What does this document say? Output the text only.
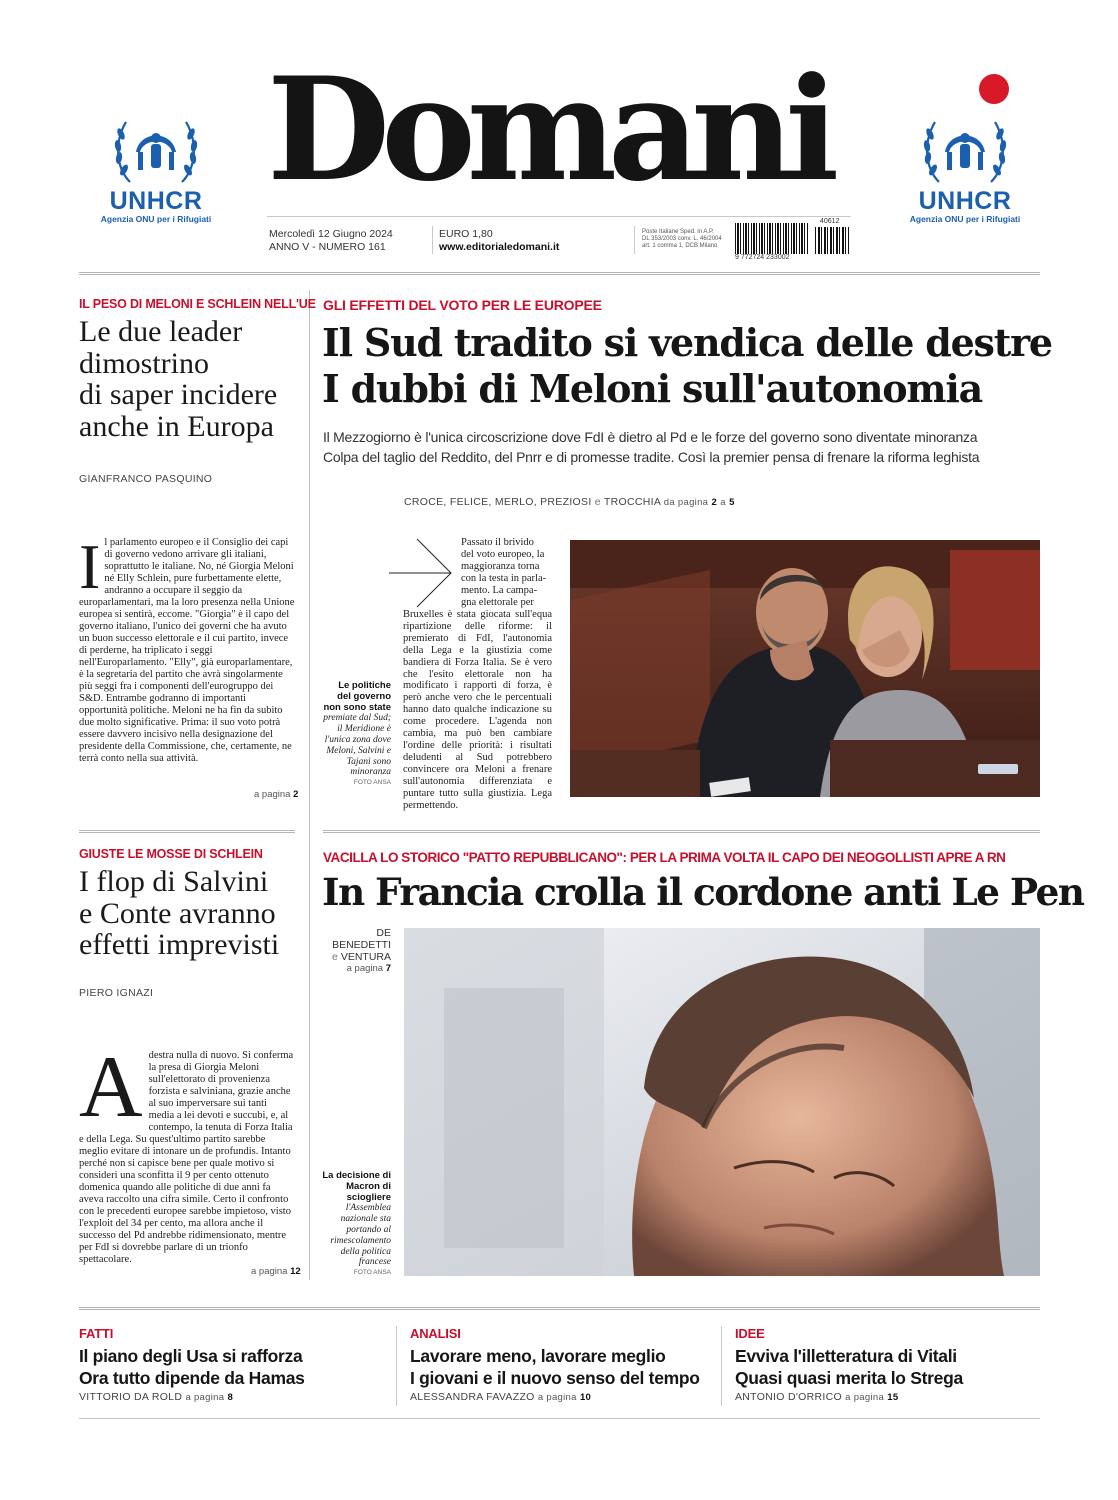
UNHCR
Agenzia ONU per i Rifugiati
UNHCR
Agenzia ONU per i Rifugiati
Domani
Mercoledì 12 Giugno 2024
ANNO V - NUMERO 161
EURO 1,80
www.editorialedomani.it
Poste Italiane Sped. in A.P.
DL 353/2003 conv. L. 46/2004
art. 1 comma 1, DCB Milano
40612
9 772724 233002
IL PESO DI MELONI E SCHLEIN NELL'UE
Le due leader
dimostrino
di saper incidere
anche in Europa
GIANFRANCO PASQUINO
I l parlamento europeo e il Consiglio dei capi di governo vedono arrivare gli italiani, soprattutto le italiane. No, né Giorgia Meloni né Elly Schlein, pure furbettamente elette, andranno a occupare il seggio da europarlamentari, ma la loro presenza nella Unione europea si sentirà, eccome. "Giorgia" è il capo del governo italiano, l'unico dei governi che ha avuto un buon successo elettorale e il cui partito, invece di perderne, ha triplicato i seggi nell'Europarlamento. "Elly", già europarlamentare, è la segretaria del partito che avrà singolarmente più seggi fra i componenti dell'eurogruppo dei S&D. Entrambe godranno di importanti opportunità politiche. Meloni ne ha fin da subito due molto significative. Prima: il suo voto potrà essere davvero incisivo nella designazione del presidente della Commissione, che, certamente, ne terrà conto nella sua attività.
a pagina 2
GLI EFFETTI DEL VOTO PER LE EUROPEE
Il Sud tradito si vendica delle destre
I dubbi di Meloni sull'autonomia
Il Mezzogiorno è l'unica circoscrizione dove FdI è dietro al Pd e le forze del governo sono diventate minoranza
Colpa del taglio del Reddito, del Pnrr e di promesse tradite. Così la premier pensa di frenare la riforma leghista
CROCE, FELICE, MERLO, PREZIOSI e TROCCHIA da pagina 2 a 5
Passato il brivido
del voto europeo, la
maggioranza torna
con la testa in parla-
mento. La campa-
gna elettorale per
Bruxelles è stata giocata sull'equa ripartizione delle riforme: il premierato di FdI, l'autonomia della Lega e la giustizia come bandiera di Forza Italia. Se è vero che l'esito elettorale non ha modificato i rapporti di forza, è però anche vero che le percentuali hanno dato qualche indicazione su come procedere. L'agenda non cambia, ma può ben cambiare l'ordine delle priorità: i risultati deludenti al Sud potrebbero convincere ora Meloni a frenare sull'autonomia differenziata e puntare tutto sulla giustizia. Lega permettendo.
Le politiche del governo non sono state premiate dal Sud; il Meridione è l'unica zona dove Meloni, Salvini e Tajani sono minoranza
FOTO ANSA
GIUSTE LE MOSSE DI SCHLEIN
I flop di Salvini
e Conte avranno
effetti imprevisti
PIERO IGNAZI
A destra nulla di nuovo. Si conferma la presa di Giorgia Meloni sull'elettorato di provenienza forzista e salviniana, grazie anche al suo imperversare sui tanti media a lei devoti e succubi, e, al contempo, la tenuta di Forza Italia e della Lega. Su quest'ultimo partito sarebbe meglio evitare di intonare un de profundis. Intanto perché non si capisce bene per quale motivo si consideri una sconfitta il 9 per cento ottenuto domenica quando alle politiche di due anni fa aveva raccolto una cifra simile. Certo il confronto con le precedenti europee sarebbe impietoso, visto l'exploit del 34 per cento, ma allora anche il successo del Pd andrebbe ridimensionato, mentre per FdI si dovrebbe parlare di un trionfo spettacolare.
a pagina 12
VACILLA LO STORICO "PATTO REPUBBLICANO": PER LA PRIMA VOLTA IL CAPO DEI NEOGOLLISTI APRE A RN
In Francia crolla il cordone anti Le Pen
DE BENEDETTI
e VENTURA
a pagina 7
La decisione di Macron di sciogliere l'Assemblea nazionale sta portando al rimescolamento della politica francese
FOTO ANSA
FATTI
Il piano degli Usa si rafforza
Ora tutto dipende da Hamas
VITTORIO DA ROLD a pagina 8
ANALISI
Lavorare meno, lavorare meglio
I giovani e il nuovo senso del tempo
ALESSANDRA FAVAZZO a pagina 10
IDEE
Evviva l'illetteratura di Vitali
Quasi quasi merita lo Strega
ANTONIO D'ORRICO a pagina 15
